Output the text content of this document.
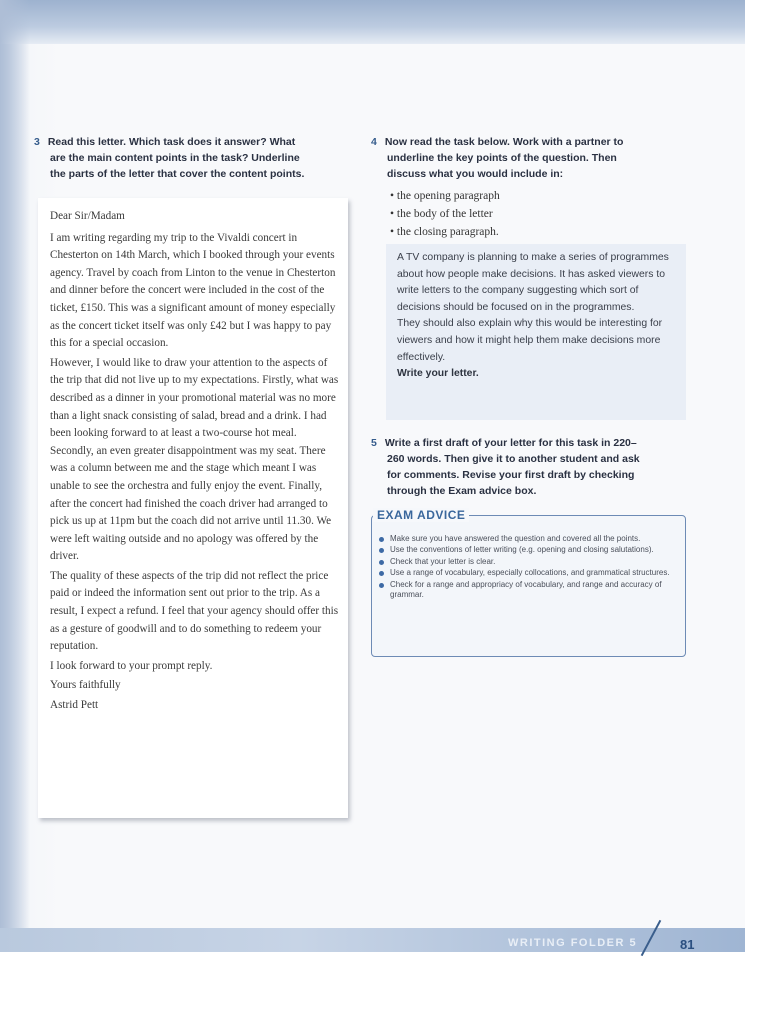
3 Read this letter. Which task does it answer? What
are the main content points in the task? Underline
the parts of the letter that cover the content points.

Dear Sir/Madam

I am writing regarding my trip to the Vivaldi concert in Chesterton on 14th March, which I booked through your events agency. Travel by coach from Linton to the venue in Chesterton and dinner before the concert were included in the cost of the ticket, £150. This was a significant amount of money especially as the concert ticket itself was only £42 but I was happy to pay this for a special occasion.

However, I would like to draw your attention to the aspects of the trip that did not live up to my expectations. Firstly, what was described as a dinner in your promotional material was no more than a light snack consisting of salad, bread and a drink. I had been looking forward to at least a two-course hot meal. Secondly, an even greater disappointment was my seat. There was a column between me and the stage which meant I was unable to see the orchestra and fully enjoy the event. Finally, after the concert had finished the coach driver had arranged to pick us up at 11pm but the coach did not arrive until 11.30. We were left waiting outside and no apology was offered by the driver.

The quality of these aspects of the trip did not reflect the price paid or indeed the information sent out prior to the trip. As a result, I expect a refund. I feel that your agency should offer this as a gesture of goodwill and to do something to redeem your reputation.

I look forward to your prompt reply.

Yours faithfully

Astrid Pett

4 Now read the task below. Work with a partner to
underline the key points of the question. Then
discuss what you would include in:
• the opening paragraph
• the body of the letter
• the closing paragraph.
A TV company is planning to make a series of programmes about how people make decisions. It has asked viewers to write letters to the company suggesting which sort of decisions should be focused on in the programmes.
They should also explain why this would be interesting for viewers and how it might help them make decisions more effectively.
Write your letter.
5 Write a first draft of your letter for this task in 220–
260 words. Then give it to another student and ask
for comments. Revise your first draft by checking
through the Exam advice box.
EXAM ADVICE
Make sure you have answered the question and covered all the points.
Use the conventions of letter writing (e.g. opening and closing salutations).
Check that your letter is clear.
Use a range of vocabulary, especially collocations, and grammatical structures.
Check for a range and appropriacy of vocabulary, and range and accuracy of grammar.
WRITING FOLDER 5	81
